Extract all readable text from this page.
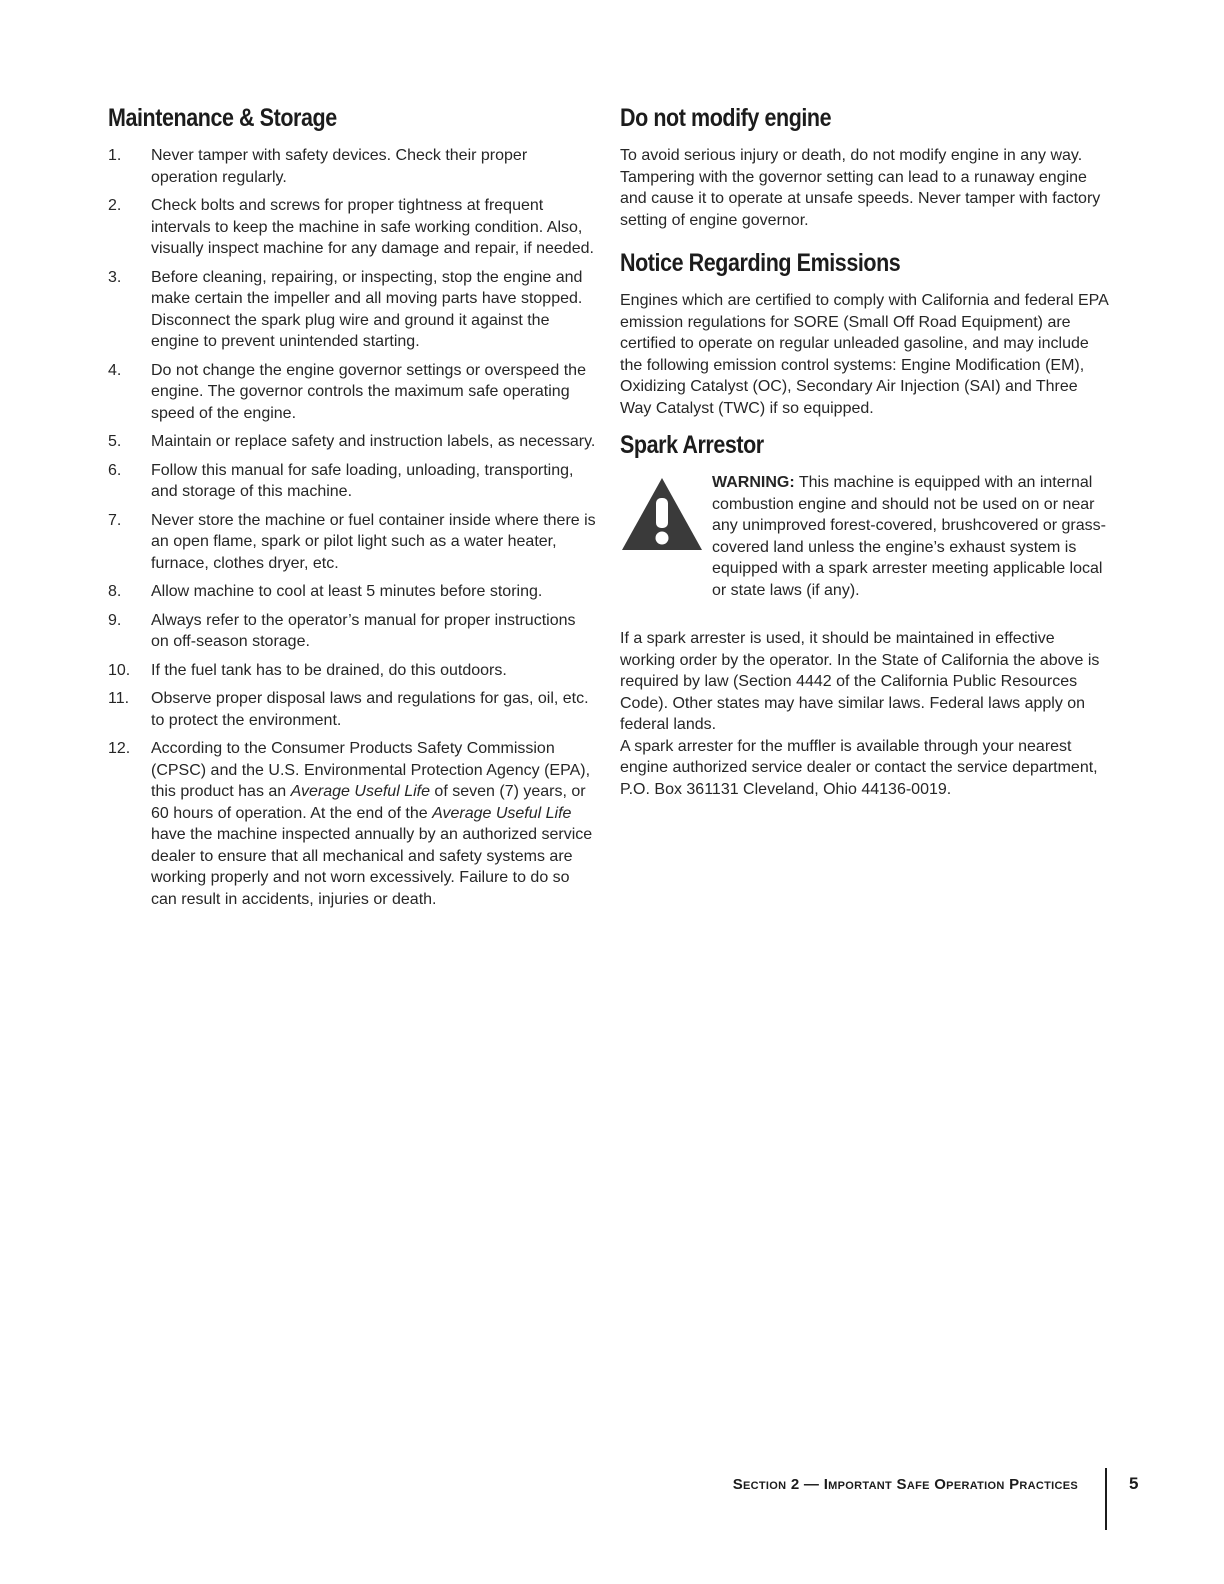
Maintenance & Storage
1. Never tamper with safety devices. Check their proper operation regularly.
2. Check bolts and screws for proper tightness at frequent intervals to keep the machine in safe working condition. Also, visually inspect machine for any damage and repair, if needed.
3. Before cleaning, repairing, or inspecting, stop the engine and make certain the impeller and all moving parts have stopped. Disconnect the spark plug wire and ground it against the engine to prevent unintended starting.
4. Do not change the engine governor settings or overspeed the engine. The governor controls the maximum safe operating speed of the engine.
5. Maintain or replace safety and instruction labels, as necessary.
6. Follow this manual for safe loading, unloading, transporting, and storage of this machine.
7. Never store the machine or fuel container inside where there is an open flame, spark or pilot light such as a water heater, furnace, clothes dryer, etc.
8. Allow machine to cool at least 5 minutes before storing.
9. Always refer to the operator’s manual for proper instructions on off-season storage.
10. If the fuel tank has to be drained, do this outdoors.
11. Observe proper disposal laws and regulations for gas, oil, etc. to protect the environment.
12. According to the Consumer Products Safety Commission (CPSC) and the U.S. Environmental Protection Agency (EPA), this product has an Average Useful Life of seven (7) years, or 60 hours of operation. At the end of the Average Useful Life have the machine inspected annually by an authorized service dealer to ensure that all mechanical and safety systems are working properly and not worn excessively. Failure to do so can result in accidents, injuries or death.
Do not modify engine

To avoid serious injury or death, do not modify engine in any way. Tampering with the governor setting can lead to a runaway engine and cause it to operate at unsafe speeds. Never tamper with factory setting of engine governor.

Notice Regarding Emissions

Engines which are certified to comply with California and federal EPA emission regulations for SORE (Small Off Road Equipment) are certified to operate on regular unleaded gasoline, and may include the following emission control systems: Engine Modification (EM), Oxidizing Catalyst (OC), Secondary Air Injection (SAI) and Three Way Catalyst (TWC) if so equipped.

Spark Arrestor

WARNING: This machine is equipped with an internal combustion engine and should not be used on or near any unimproved forest-covered, brushcovered or grass-covered land unless the engine’s exhaust system is equipped with a spark arrester meeting applicable local or state laws (if any).

If a spark arrester is used, it should be maintained in effective working order by the operator. In the State of California the above is required by law (Section 4442 of the California Public Resources Code). Other states may have similar laws. Federal laws apply on federal lands.

A spark arrester for the muffler is available through your nearest engine authorized service dealer or contact the service department, P.O. Box 361131 Cleveland, Ohio 44136-0019.

Section 2 — Important Safe Operation Practices	5
